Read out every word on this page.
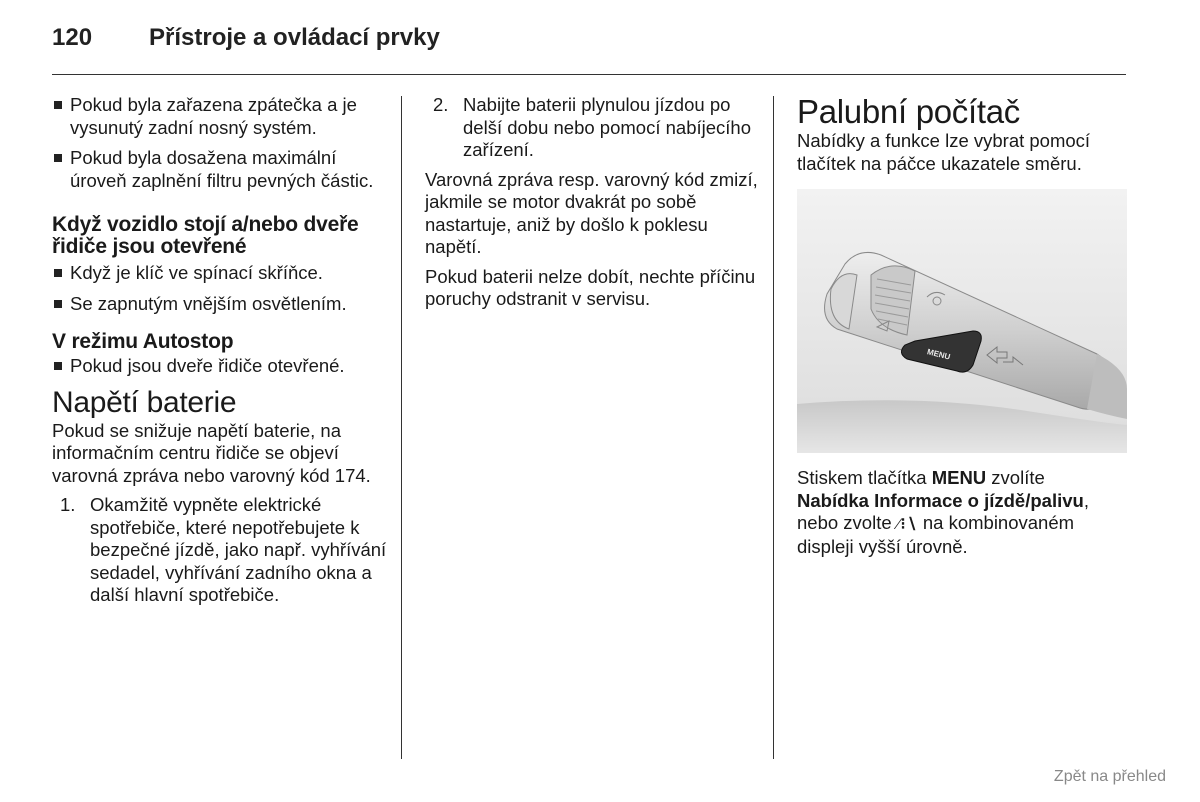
120 Přístroje a ovládací prvky

Pokud byla zařazena zpátečka a je vysunutý zadní nosný systém.

Pokud byla dosažena maximální úroveň zaplnění filtru pevných částic.

Když vozidlo stojí a/nebo dveře řidiče jsou otevřené

Když je klíč ve spínací skříňce.

Se zapnutým vnějším osvětlením.

V režimu Autostop

Pokud jsou dveře řidiče otevřené.

Napětí baterie

Pokud se snižuje napětí baterie, na informačním centru řidiče se objeví varovná zpráva nebo varovný kód 174.

1. Okamžitě vypněte elektrické spotřebiče, které nepotřebujete k bezpečné jízdě, jako např. vyhřívání sedadel, vyhřívání zadního okna a další hlavní spotřebiče.

2. Nabijte baterii plynulou jízdou po delší dobu nebo pomocí nabíjecího zařízení.

Varovná zpráva resp. varovný kód zmizí, jakmile se motor dvakrát po sobě nastartuje, aniž by došlo k poklesu napětí.

Pokud baterii nelze dobít, nechte příčinu poruchy odstranit v servisu.

Palubní počítač

Nabídky a funkce lze vybrat pomocí tlačítek na páčce ukazatele směru.

MENU

Stiskem tlačítka MENU zvolíte
Nabídka Informace o jízdě/palivu,
nebo zvolte ⁄⁝∖ na kombinovaném displeji vyšší úrovně.

Zpět na přehled
